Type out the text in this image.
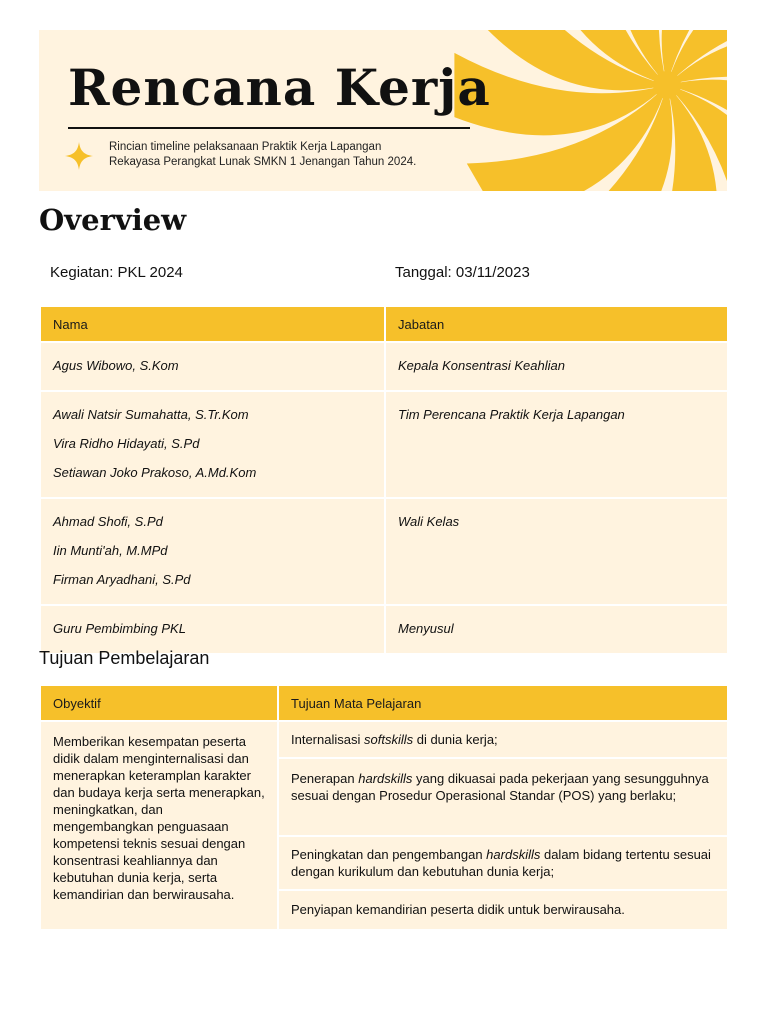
Rencana Kerja
Rincian timeline pelaksanaan Praktik Kerja Lapangan
Rekayasa Perangkat Lunak SMKN 1 Jenangan Tahun 2024.
Overview
Kegiatan: PKL 2024	Tanggal: 03/11/2023
Nama	Jabatan

Agus Wibowo, S.Kom	Kepala Konsentrasi Keahlian

Awali Natsir Sumahatta, S.Tr.Kom
Vira Ridho Hidayati, S.Pd
Setiawan Joko Prakoso, A.Md.Kom	Tim Perencana Praktik Kerja Lapangan

Ahmad Shofi, S.Pd
Iin Munti'ah, M.MPd
Firman Aryadhani, S.Pd	Wali Kelas

Guru Pembimbing PKL	Menyusul
Tujuan Pembelajaran
Obyektif	Tujuan Mata Pelajaran
Memberikan kesempatan peserta didik dalam menginternalisasi dan menerapkan keteramplan karakter dan budaya kerja serta menerapkan, meningkatkan, dan mengembangkan penguasaan kompetensi teknis sesuai dengan konsentrasi keahliannya dan kebutuhan dunia kerja, serta kemandirian dan berwirausaha.	Internalisasi softskills di dunia kerja;
	Penerapan hardskills yang dikuasai pada pekerjaan yang sesungguhnya sesuai dengan Prosedur Operasional Standar (POS) yang berlaku;
	Peningkatan dan pengembangan hardskills dalam bidang tertentu sesuai dengan kurikulum dan kebutuhan dunia kerja;
	Penyiapan kemandirian peserta didik untuk berwirausaha.
